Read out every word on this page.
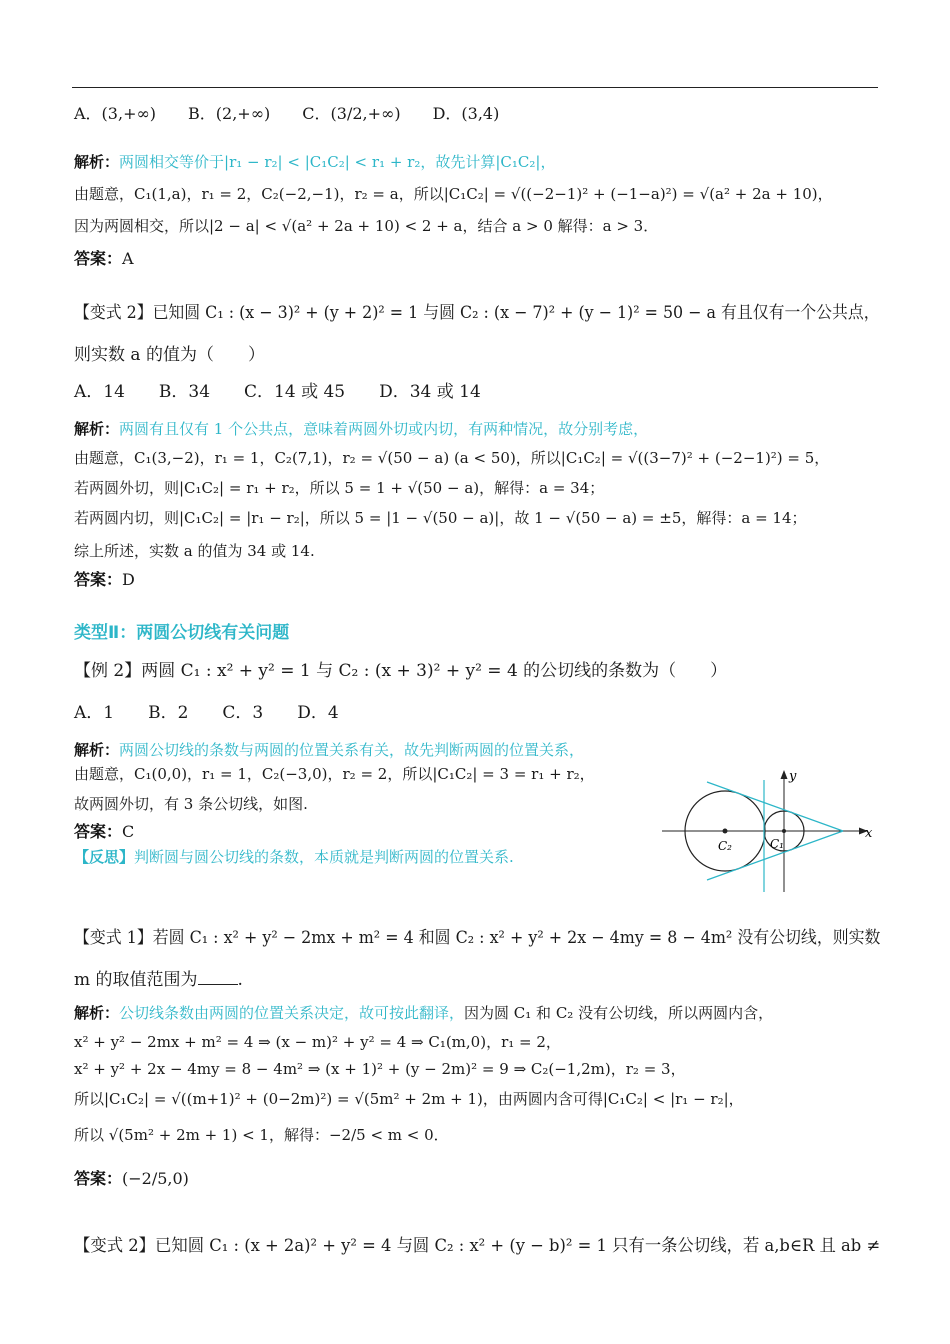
A．(3,+∞)　　B．(2,+∞)　　C．(3/2,+∞)　　D．(3,4)
解析：两圆相交等价于|r₁ − r₂| < |C₁C₂| < r₁ + r₂，故先计算|C₁C₂|，
由题意，C₁(1,a)，r₁ = 2，C₂(−2,−1)，r₂ = a，所以|C₁C₂| = √((−2−1)² + (−1−a)²) = √(a² + 2a + 10)，
因为两圆相交，所以|2 − a| < √(a² + 2a + 10) < 2 + a，结合 a > 0 解得：a > 3．
答案：A
【变式 2】已知圆 C₁ : (x − 3)² + (y + 2)² = 1 与圆 C₂ : (x − 7)² + (y − 1)² = 50 − a 有且仅有一个公共点，
则实数 a 的值为（　　）
A．14　　B．34　　C．14 或 45　　D．34 或 14
解析：两圆有且仅有 1 个公共点，意味着两圆外切或内切，有两种情况，故分别考虑，
由题意，C₁(3,−2)，r₁ = 1，C₂(7,1)，r₂ = √(50 − a) (a < 50)，所以|C₁C₂| = √((3−7)² + (−2−1)²) = 5，
若两圆外切，则|C₁C₂| = r₁ + r₂，所以 5 = 1 + √(50 − a)，解得：a = 34；
若两圆内切，则|C₁C₂| = |r₁ − r₂|，所以 5 = |1 − √(50 − a)|，故 1 − √(50 − a) = ±5，解得：a = 14；
综上所述，实数 a 的值为 34 或 14.
答案：D
类型Ⅱ：两圆公切线有关问题
【例 2】两圆 C₁ : x² + y² = 1 与 C₂ : (x + 3)² + y² = 4 的公切线的条数为（　　）
A．1　　B．2　　C．3　　D．4
解析：两圆公切线的条数与两圆的位置关系有关，故先判断两圆的位置关系，
由题意，C₁(0,0)，r₁ = 1，C₂(−3,0)，r₂ = 2，所以|C₁C₂| = 3 = r₁ + r₂，
故两圆外切，有 3 条公切线，如图.
答案：C
【反思】判断圆与圆公切线的条数，本质就是判断两圆的位置关系.
x
y
C₂	C₁
【变式 1】若圆 C₁ : x² + y² − 2mx + m² = 4 和圆 C₂ : x² + y² + 2x − 4my = 8 − 4m² 没有公切线，则实数
m 的取值范围为 .
解析：公切线条数由两圆的位置关系决定，故可按此翻译，因为圆 C₁ 和 C₂ 没有公切线，所以两圆内含，
x² + y² − 2mx + m² = 4 ⇒ (x − m)² + y² = 4 ⇒ C₁(m,0)，r₁ = 2，
x² + y² + 2x − 4my = 8 − 4m² ⇒ (x + 1)² + (y − 2m)² = 9 ⇒ C₂(−1,2m)，r₂ = 3，
所以|C₁C₂| = √((m+1)² + (0−2m)²) = √(5m² + 2m + 1)，由两圆内含可得|C₁C₂| < |r₁ − r₂|，
所以 √(5m² + 2m + 1) < 1，解得：−2/5 < m < 0．
答案：(−2/5,0)
【变式 2】已知圆 C₁ : (x + 2a)² + y² = 4 与圆 C₂ : x² + (y − b)² = 1 只有一条公切线，若 a,b∈R 且 ab ≠
